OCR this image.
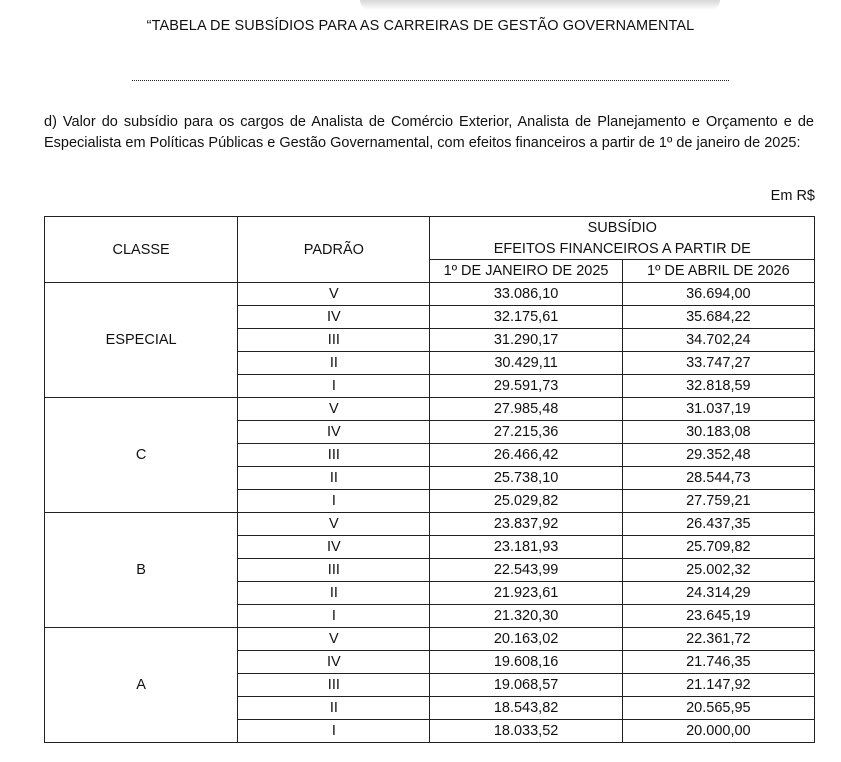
“TABELA DE SUBSÍDIOS PARA AS CARREIRAS DE GESTÃO GOVERNAMENTAL
d) Valor do subsídio para os cargos de Analista de Comércio Exterior, Analista de Planejamento e Orçamento e de Especialista em Políticas Públicas e Gestão Governamental, com efeitos financeiros a partir de 1º de janeiro de 2025:
Em R$
CLASSE	PADRÃO	SUBSÍDIO	
		EFEITOS FINANCEIROS A PARTIR DE	
		1º DE JANEIRO DE 2025	1º DE ABRIL DE 2026
ESPECIAL	V	33.086,10	36.694,00
	IV	32.175,61	35.684,22
	III	31.290,17	34.702,24
	II	30.429,11	33.747,27
	I	29.591,73	32.818,59
C	V	27.985,48	31.037,19
	IV	27.215,36	30.183,08
	III	26.466,42	29.352,48
	II	25.738,10	28.544,73
	I	25.029,82	27.759,21
B	V	23.837,92	26.437,35
	IV	23.181,93	25.709,82
	III	22.543,99	25.002,32
	II	21.923,61	24.314,29
	I	21.320,30	23.645,19
A	V	20.163,02	22.361,72
	IV	19.608,16	21.746,35
	III	19.068,57	21.147,92
	II	18.543,82	20.565,95
	I	18.033,52	20.000,00
